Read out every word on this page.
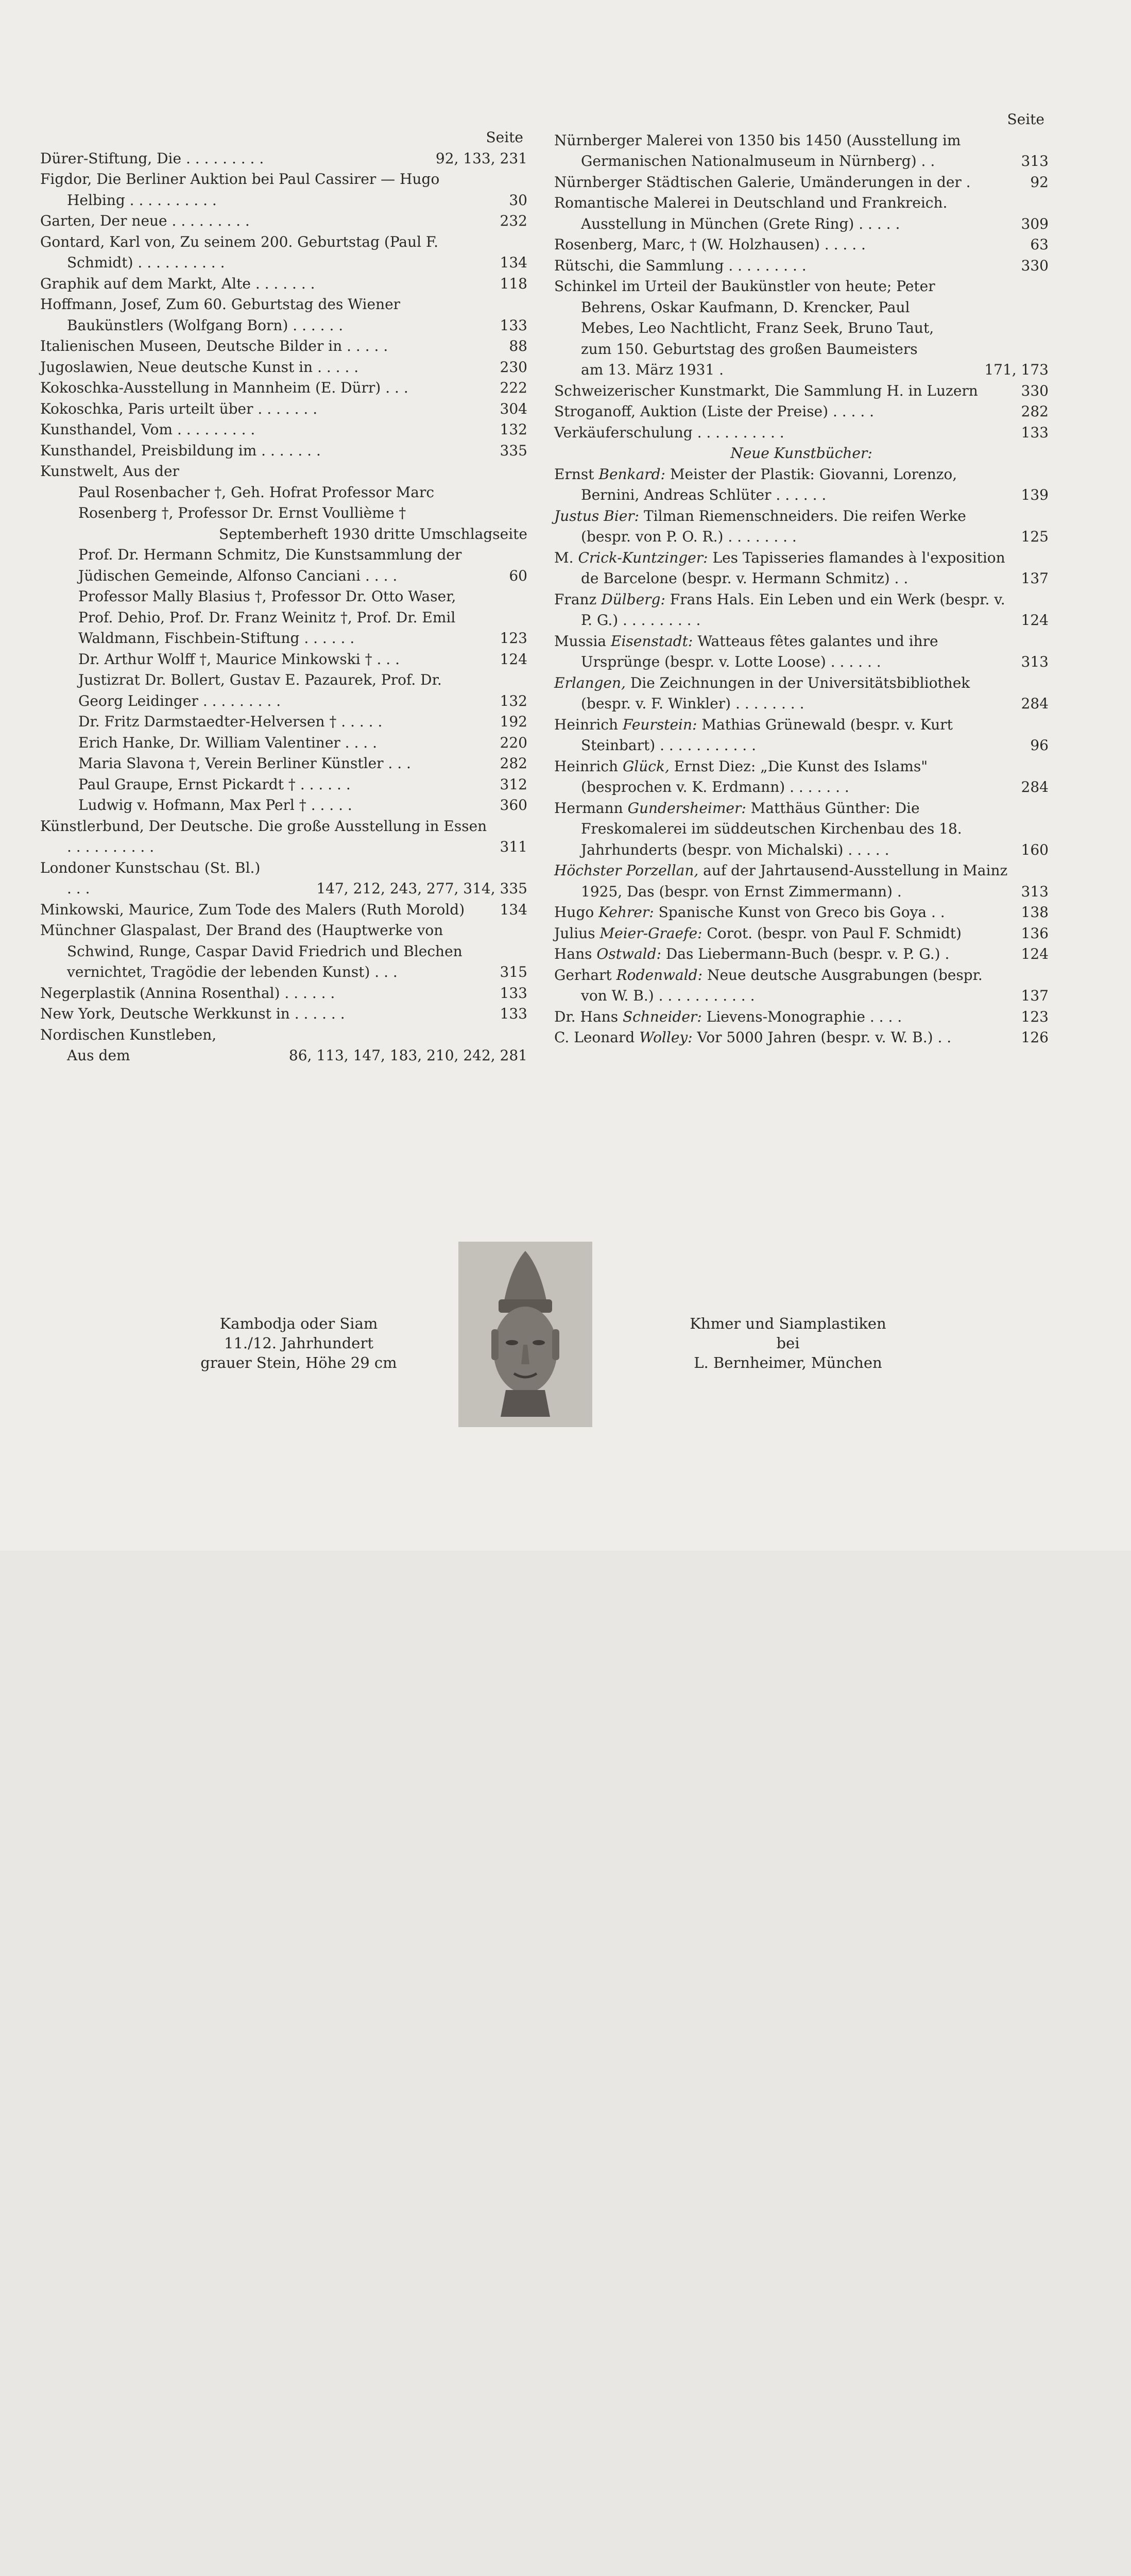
Seite
Dürer-Stiftung, Die . . . . . . . . .	92, 133, 231
Figdor, Die Berliner Auktion bei Paul Cassirer — Hugo Helbing . . . . . . . . . .	30
Garten, Der neue . . . . . . . . .	232
Gontard, Karl von, Zu seinem 200. Geburtstag (Paul F. Schmidt) . . . . . . . . . .	134
Graphik auf dem Markt, Alte . . . . . . .	118
Hoffmann, Josef, Zum 60. Geburtstag des Wiener Baukünstlers (Wolfgang Born) . . . . . .	133
Italienischen Museen, Deutsche Bilder in . . . . .	88
Jugoslawien, Neue deutsche Kunst in . . . . .	230
Kokoschka-Ausstellung in Mannheim (E. Dürr) . . .	222
Kokoschka, Paris urteilt über . . . . . . .	304
Kunsthandel, Vom . . . . . . . . .	132
Kunsthandel, Preisbildung im . . . . . . .	335
Kunstwelt, Aus der
Paul Rosenbacher †, Geh. Hofrat Professor Marc Rosenberg †, Professor Dr. Ernst Voullième †
Septemberheft 1930 dritte Umschlagseite
Prof. Dr. Hermann Schmitz, Die Kunstsammlung der Jüdischen Gemeinde, Alfonso Canciani . . . .	60
Professor Mally Blasius †, Professor Dr. Otto Waser, Prof. Dehio, Prof. Dr. Franz Weinitz †, Prof. Dr. Emil Waldmann, Fischbein-Stiftung . . . . . .	123
Dr. Arthur Wolff †, Maurice Minkowski † . . .	124
Justizrat Dr. Bollert, Gustav E. Pazaurek, Prof. Dr. Georg Leidinger . . . . . . . . .	132
Dr. Fritz Darmstaedter-Helversen † . . . . .	192
Erich Hanke, Dr. William Valentiner . . . .	220
Maria Slavona †, Verein Berliner Künstler . . .	282
Paul Graupe, Ernst Pickardt † . . . . . .	312
Ludwig v. Hofmann, Max Perl † . . . . .	360
Künstlerbund, Der Deutsche. Die große Ausstellung in Essen . . . . . . . . . .	311
Londoner Kunstschau (St. Bl.) . . .	147, 212, 243, 277, 314, 335
Minkowski, Maurice, Zum Tode des Malers (Ruth Morold)	134
Münchner Glaspalast, Der Brand des (Hauptwerke von Schwind, Runge, Caspar David Friedrich und Blechen vernichtet, Tragödie der lebenden Kunst) . . .	315
Negerplastik (Annina Rosenthal) . . . . . .	133
New York, Deutsche Werkkunst in . . . . . .	133
Nordischen Kunstleben, Aus dem	86, 113, 147, 183, 210, 242, 281
Seite
Nürnberger Malerei von 1350 bis 1450 (Ausstellung im Germanischen Nationalmuseum in Nürnberg) . .	313
Nürnberger Städtischen Galerie, Umänderungen in der .	92
Romantische Malerei in Deutschland und Frankreich. Ausstellung in München (Grete Ring) . . . . .	309
Rosenberg, Marc, † (W. Holzhausen) . . . . .	63
Rütschi, die Sammlung . . . . . . . . .	330
Schinkel im Urteil der Baukünstler von heute; Peter Behrens, Oskar Kaufmann, D. Krencker, Paul Mebes, Leo Nachtlicht, Franz Seek, Bruno Taut, zum 150. Geburtstag des großen Baumeisters am 13. März 1931 .	171, 173
Schweizerischer Kunstmarkt, Die Sammlung H. in Luzern	330
Stroganoff, Auktion (Liste der Preise) . . . . .	282
Verkäuferschulung . . . . . . . . . .	133
Neue Kunstbücher:
Ernst Benkard: Meister der Plastik: Giovanni, Lorenzo, Bernini, Andreas Schlüter . . . . . .	139
Justus Bier: Tilman Riemenschneiders. Die reifen Werke (bespr. von P. O. R.) . . . . . . . .	125
M. Crick-Kuntzinger: Les Tapisseries flamandes à l'exposition de Barcelone (bespr. v. Hermann Schmitz) . .	137
Franz Dülberg: Frans Hals. Ein Leben und ein Werk (bespr. v. P. G.) . . . . . . . . .	124
Mussia Eisenstadt: Watteaus fêtes galantes und ihre Ursprünge (bespr. v. Lotte Loose) . . . . . .	313
Erlangen, Die Zeichnungen in der Universitätsbibliothek (bespr. v. F. Winkler) . . . . . . . .	284
Heinrich Feurstein: Mathias Grünewald (bespr. v. Kurt Steinbart) . . . . . . . . . . .	96
Heinrich Glück, Ernst Diez: „Die Kunst des Islams" (besprochen v. K. Erdmann) . . . . . . .	284
Hermann Gundersheimer: Matthäus Günther: Die Freskomalerei im süddeutschen Kirchenbau des 18. Jahrhunderts (bespr. von Michalski) . . . . .	160
Höchster Porzellan, auf der Jahrtausend-Ausstellung in Mainz 1925, Das (bespr. von Ernst Zimmermann) .	313
Hugo Kehrer: Spanische Kunst von Greco bis Goya . .	138
Julius Meier-Graefe: Corot. (bespr. von Paul F. Schmidt)	136
Hans Ostwald: Das Liebermann-Buch (bespr. v. P. G.) .	124
Gerhart Rodenwald: Neue deutsche Ausgrabungen (bespr. von W. B.) . . . . . . . . . . .	137
Dr. Hans Schneider: Lievens-Monographie . . . .	123
C. Leonard Wolley: Vor 5000 Jahren (bespr. v. W. B.) . .	126
Kambodja oder Siam
11./12. Jahrhundert
grauer Stein, Höhe 29 cm
Khmer und Siamplastiken
bei
L. Bernheimer, München
